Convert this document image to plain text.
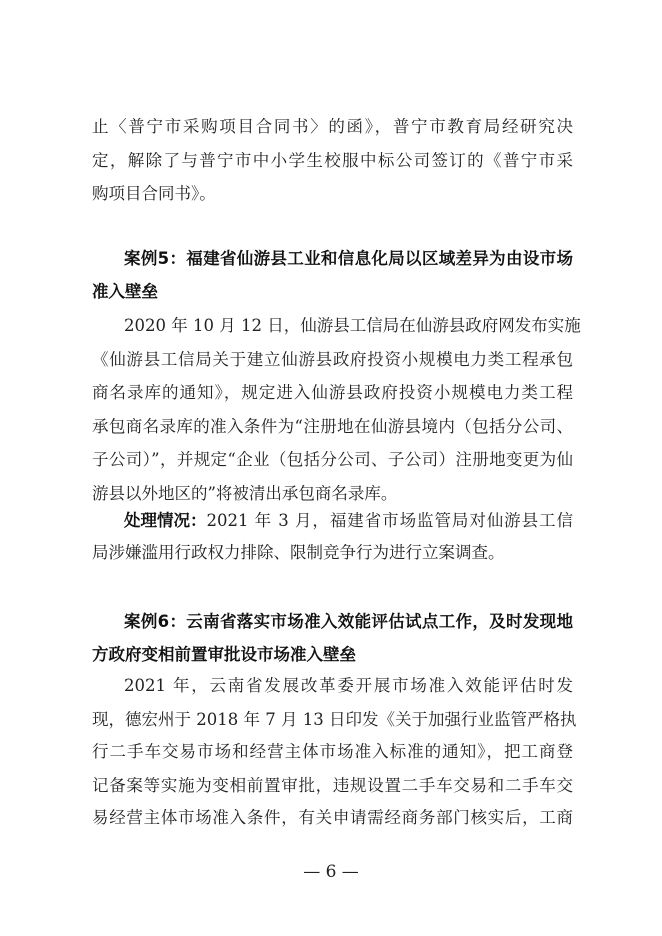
止〈普宁市采购项目合同书〉的函》，普宁市教育局经研究决
定，解除了与普宁市中小学生校服中标公司签订的《普宁市采
购项目合同书》。
案例5：福建省仙游县工业和信息化局以区域差异为由设市场
准入壁垒
2020 年 10 月 12 日，仙游县工信局在仙游县政府网发布实施
《仙游县工信局关于建立仙游县政府投资小规模电力类工程承包
商名录库的通知》，规定进入仙游县政府投资小规模电力类工程
承包商名录库的准入条件为“注册地在仙游县境内（包括分公司、
子公司）”，并规定“企业（包括分公司、子公司）注册地变更为仙
游县以外地区的”将被清出承包商名录库。
处理情况： 2021 年 3 月，福建省市场监管局对仙游县工信
局涉嫌滥用行政权力排除、限制竞争行为进行立案调查。
案例6：云南省落实市场准入效能评估试点工作，及时发现地
方政府变相前置审批设市场准入壁垒
2021 年，云南省发展改革委开展市场准入效能评估时发
现，德宏州于 2018 年 7 月 13 日印发《关于加强行业监管严格执
行二手车交易市场和经营主体市场准入标准的通知》，把工商登
记备案等实施为变相前置审批，违规设置二手车交易和二手车交
易经营主体市场准入条件，有关申请需经商务部门核实后，工商
— 6 —
